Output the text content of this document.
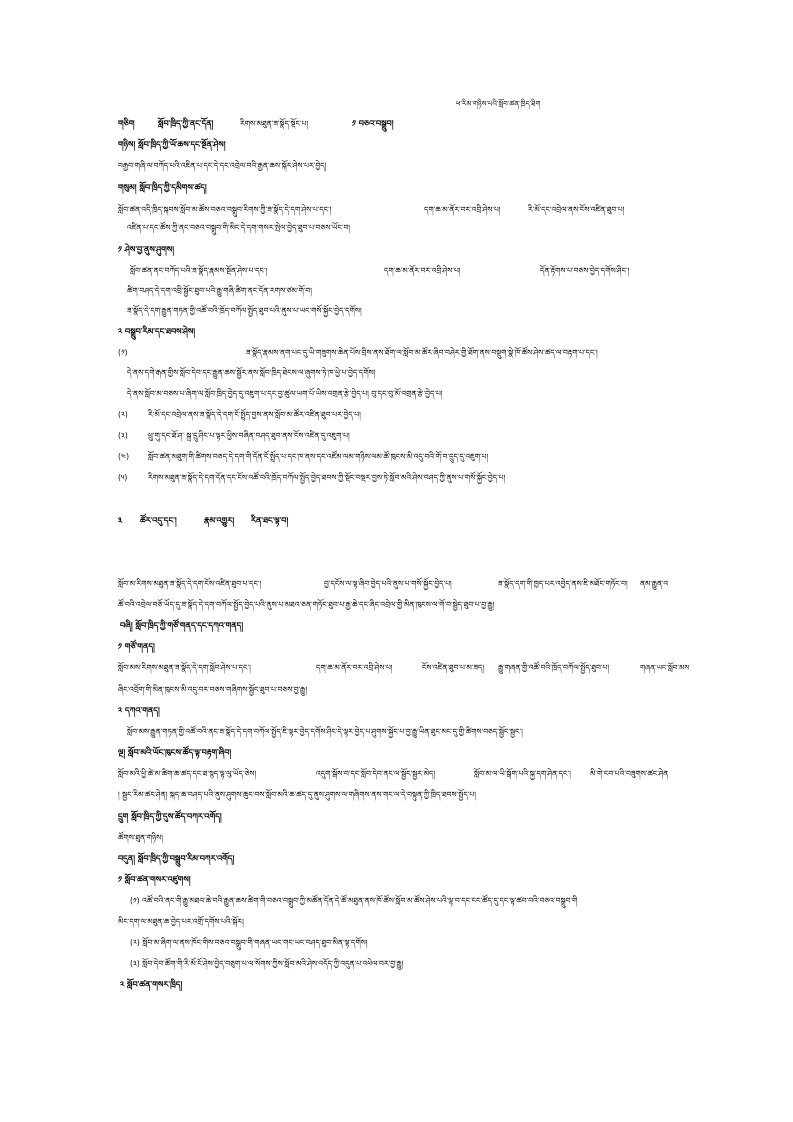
ཕ་རིམ་གཉིས་པའི་སློབ་ཚན་ཁྲིད་ཐིག
གཅིག	སློབ་ཁྲིད་ཀྱི་ནང་དོན།	རིགས་མཐུན་ཟ་སྣོད་སྡོང་པ།	༡ བཅའ་བསྒྲུབ།
གཉིས། སློབ་ཁྲིད་ཀྱི་ཡོ་ཆས་དང་སྔོན་ཤེས།
བརྒྱབ་གཞི་ལ་བཀོད་པའི་འཇིན་པ་དང་དེ་དང་འབྲེལ་བའི་རྒྱན་ཆས་སྐོར་ཤེས་པར་བྱེད།
གསུམ། སློབ་ཁྲིད་ཀྱི་དམིགས་ཚད།
སློབ་ཚན་འདི་ཁྲིད་སྐབས་སློབ་མ་ཚོས་བཅའ་བསྒྲུབ་རིགས་ཀྱི་ཟ་སྣོད་དེ་དག་ཤེས་པ་དང་།	དག་ཆ་མ་ནོར་བར་འབྲི་ཤེས་པ།	རི་མོ་དང་འབྲེལ་ནས་ངོས་འཛིན་ཐུབ་པ།
འཛིན་པ་དང་ཚོས་ཀྱི་ནང་བཅའ་བསྒྲུབ་གི་མིང་དེ་དག་གསར་སྤེལ་བྱེད་ཐུབ་པ་བཅས་ཡོང་བ།
༡ ཤེས་བྱ་ནུས་ཤུགས།
སློབ་ཚན་ནང་བཀོད་པའི་ཟ་སྣོད་རྣམས་སྔོན་ཤེས་པ་དང་།	དག་ཆ་མ་ནོར་བར་འབྲི་ཤེས་པ།	དོན་རྟོགས་པ་བཅས་བྱེད་དགོས་ཤིང་།
ཚིག་བཤད་དེ་དག་འབྲི་སྦྱོང་ཐུབ་པའི་རྒྱུ་གཞི་ཚིག་ནང་དོན་རགས་ཙམ་གོ་བ།
ཟ་སྣོད་དེ་དག་རྒྱུན་གཏན་གྱི་འཚོ་བའི་ཁྲོད་བཀོལ་སྤྱོད་ཐུབ་པའི་ནུས་པ་ཡང་གསོ་སྐྱོང་བྱེད་དགོས།
༢ བསྒྲུབ་རིམ་དང་ཐབས་ཤེས།
(༡)	ཟ་སྣོད་རྣམས་ནག་པང་དུ་ཡི་གཟུགས་ཆེན་པོས་བྲིས་ནས་ཐོག་ལ་སློབ་མ་ཚོར་ཞིབ་བཤེར་གྱི་ཐོག་ནས་བསྡུག་སྣེ་ཁོ་ཚོས་ཤེས་ཚད་ལ་བརྟག་པ་དང་།
དེ་ནས་དགེ་རྒན་གྱིས་སློབ་དེབ་དང་རྒྱུན་ཆས་སྦྱོར་ནས་སློབ་ཁྲིད་ཐེངས་ལ་ཞུགས་ཏེ་ཁ་ཕྱེ་པ་བྱེད་དགོས།
དེ་ནས་སློབ་མ་བཅས་པ་ཞིག་ལ་སློབ་ཁྲིད་བྱེད་དུ་འཇུག་པ་དང་བྱ་ཚུལ་ཡག་པོ་ཡིས་འགྲན་རྩེ་བྱེད་པ། བུ་དང་བུ་མོ་འགྲན་རྩེ་བྱེད་པ།
(༢)	རི་མོ་དང་འབྲེལ་ནས་ཟ་སྣོད་དེ་དག་ངོ་སྤྲོད་བྱས་ནས་སློབ་མ་ཚོར་འཛིན་ཐུབ་པར་བྱེད་པ།
(༣)	ཕྲུ་གུ་དང་ཐོ་ཤ་ སྐྲ་དྲུ་ཤིང་པ་ལྟར་ཕྱིས་བཞིན་བཤད་ཐུབ་ནས་ངོས་འཛིན་དུ་འཇུག་པ།
(༤)	སློབ་ཚན་མཐུག་གི་ཚིགས་བཅད་དེ་དག་གི་དོན་ངོ་སྤྲོད་པ་དང་ཁ་ནས་དང་འཛོམ་ལམ་གཉིས་ལམ་ཚོ་ཁུངས་མི་འདུ་བའི་གོ་བ་དྲུད་དུ་འཇུག་པ།
(༥)	རིགས་མཐུན་ཟ་སྣོད་དེ་དག་དོན་དང་ངོས་འཚོ་བའི་ཁྲོད་བཀོལ་སྤྱོད་བྱེད་ཐབས་ཀྱི་སྡོང་བསྡར་བྱས་ཏེ་སློབ་མའི་ཤེས་བཤད་ཀྱི་ནུས་པ་གསོ་སྐྱོང་བྱེད་པ།
༣ ཚོར་འདུ་དང་།	རྣམ་འགྱུར། རིན་ཐང་ལྟ་བ།
སློབ་མ་རིགས་མཐུན་ཟ་སྣོད་དེ་དག་ངོས་འཛིན་ཐུབ་པ་དང་།	བྱ་དངོས་ལ་ལྟ་ཞིབ་བྱེད་པའི་ནུས་པ་གསོ་སྐྱོང་བྱེད་པ།	ཟ་སྣོད་དག་གི་ཁྱད་པར་འབྱེད་ནས་ཇི་མཐོང་གཏོང་བ། ནམ་རྒྱུན་འ
ཚོ་བའི་འབྲེལ་བཅོ་ཡོད་དུ་ཟ་སྣོད་དེ་དག་བཀོལ་སྤྱོད་བྱེད་པའི་ནུས་པ་མཐའ་ཅན་གཏོང་ཐུབ་པ་རྒྱ་ཆེ་དང་ཞིང་འབྲེལ་གྱི་མིན་ཁུངས་ལ་གོ་བ་སྦྱེད་ཐུབ་པ་བྱ་རྒྱུ།
བཞི། སློབ་ཁྲིད་ཀྱི་གཙོ་གནད་དང་དཀའ་གནད།
༡ གཙོ་གནད།
སློབ་མས་རིགས་མཐུན་ཟ་སྣོད་དེ་དག་སློབ་ཤེས་པ་དང་།	དག་ཆ་མ་ནོར་བར་འབྲི་ཤེས་པ།	ངོས་འཛིན་ཐུབ་པ་མ་ཟད། རྒྱུ་གཞན་གྱི་འཚོ་བའི་ཁྲོད་བཀོལ་སྤྱོད་ཐུབ་པ།	གཞན་ཡང་སློབ་མས
ཞིང་འབྲོག་གི་མིན་ཁུངས་མི་འདུ་བར་བཅས་གཞིགས་སྦྱོང་ཐུབ་པ་བཅས་བྱ་རྒྱུ།
༢ དཀའ་གནད།
སློབ་མས་རྒྱུན་གཏན་གྱི་འཚོ་བའི་ནང་ཟ་སྣོད་དེ་དག་བཀོལ་སྤྱོད་ཇི་ལྟར་བྱེད་དགོས་ཤིང་དེ་ལྟར་བྱེད་པ་ཤུགས་སྐྱོང་པ་བྱ་རྒྱུ་ཡིན་ཐུང་མང་དུ་གྱི་ཚིགས་བཅད་སྦྱོང་སྦྱང་།
ལྔ། སློབ་མའི་ཡོང་ཁུངས་ཚོད་ལྟ་བརྟག་ཞིབ།
སློབ་མའི་ཕྱི་ཚེ་མ་ཚིག་ཆ་ཚད་དང་ཐ་སྙད་ལྟ་ལུ་ཡོད་ཅེས།	འདུག་སྒོས་བ་དང་སློབ་དེབ་ནང་ལ་སྦྱོང་སྦྱར་མེད།	སློབ་མ་ལ་ཡི་སྒོག་པའི་སྐྱ་དག་ཤེན་དང་།	མི་གེ་ངབ་པའི་བཟུགས་ཚང་ཤེན
། སྦྱང་རིམ་ཚང་ཤེན། སྐད་ཆ་བཤད་པའི་ནུས་ཤུགས་ཆུང་བས་སློབ་མའི་ཆ་ཚད་དུ་ནུས་ཤུགས་ལ་གཞིགས་ནས་གང་ལ་དེ་བསྟུན་ཀྱི་ཁྲིད་ཐབས་སྤྱོད་པ།
དྲུག སློབ་ཁྲིད་ཀྱི་དུས་ཚོད་བཀར་འགོད།
ཚོགས་ཐུན་གཉིས།
བདུན། སློབ་ཁྲིད་ཀྱི་བསྒྲུབ་རིམ་བཀར་འགོད།
༡ སློབ་ཚན་གསར་འཛུགས།
(༡) འཚོ་བའི་ནང་གི་རྒྱུ་མཐའ་ཆེ་བའི་རྒྱུན་ཆས་ཚིག་གི་བཅའ་བསྒྲུབ་ཀྱི་མཚོན་དོན་དེ་ཚོ་མཐུན་ནས་ཁོ་ཚོས་སློབ་མ་ཚོས་ཤེས་པའི་ལྟ་བ་དང་ངང་ཚོད་དུ་དང་ལྟ་ཚབ་བའི་བཅའ་བསྒྲུབ་གི
མིང་དག་ལ་མཐུན་ཆ་བྱེད་པར་འགྲོ་དགོས་པའི་སྐོར།
(༢) སློབ་མ་ཞིག་ལ་ནས་ཁོང་གིས་བཅའ་བསྒྲུབ་གི་གཞན་ཡང་གང་ཡང་བཤད་ཐུབ་མིན་ལྟ་དགོས།
(༣) སློབ་དེབ་ཚོག་གི་རི་མོ་ངོ་ཤེས་བྱེད་བཅུག་པ་ལ་སོགས་ཀྱིས་སློབ་མའི་ཤེས་འདོད་ཀྱི་འདུན་པ་འཕེལ་བར་བྱ་རྒྱུ།
༢ སློབ་ཚན་གསར་ཁྲིད།
